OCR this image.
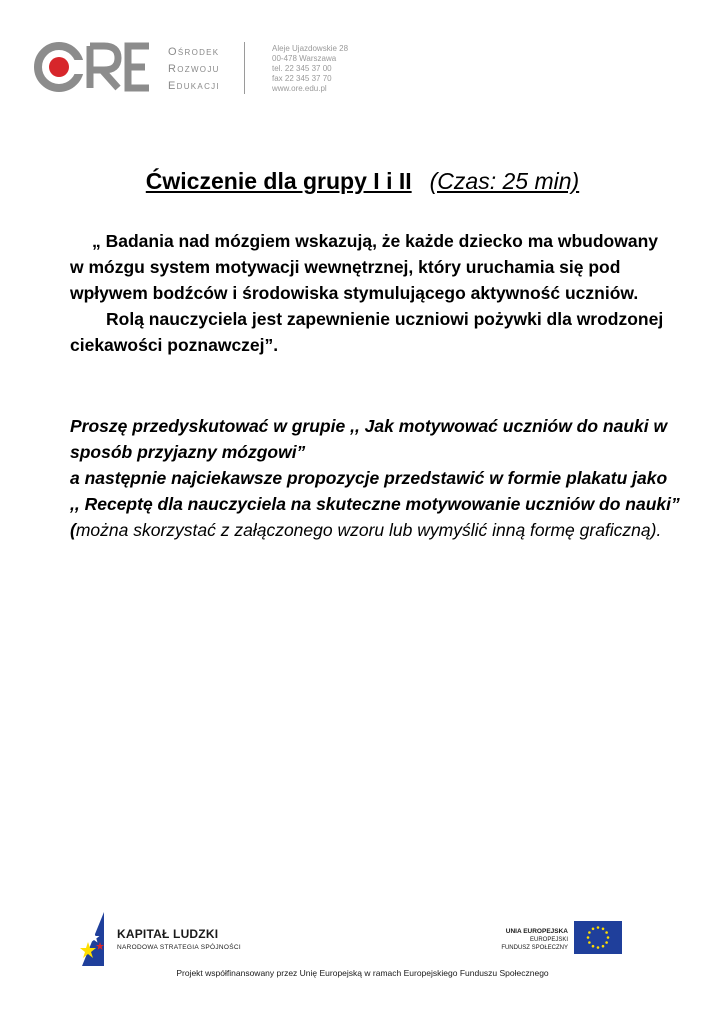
ORE
Ośrodek
Rozwoju
Edukacji
Aleje Ujazdowskie 28
00-478 Warszawa
tel. 22 345 37 00
fax 22 345 37 70
www.ore.edu.pl
Ćwiczenie dla grupy I i II (Czas: 25 min)

„ Badania nad mózgiem wskazują, że każde dziecko ma wbudowany w mózgu system motywacji wewnętrznej, który uruchamia się pod wpływem bodźców i środowiska stymulującego aktywność uczniów.

Rolą nauczyciela jest zapewnienie uczniowi pożywki dla wrodzonej ciekawości poznawczej”.

Proszę przedyskutować w grupie ,, Jak motywować uczniów do nauki w sposób przyjazny mózgowi”

a następnie najciekawsze propozycje przedstawić w formie plakatu jako

,, Receptę dla nauczyciela na skuteczne motywowanie uczniów do nauki” (można skorzystać z załączonego wzoru lub wymyślić inną formę graficzną).

KAPITAŁ LUDZKI
NARODOWA STRATEGIA SPÓJNOŚCI
UNIA EUROPEJSKA
EUROPEJSKI
FUNDUSZ SPOŁECZNY
Projekt współfinansowany przez Unię Europejską w ramach Europejskiego Funduszu Społecznego
